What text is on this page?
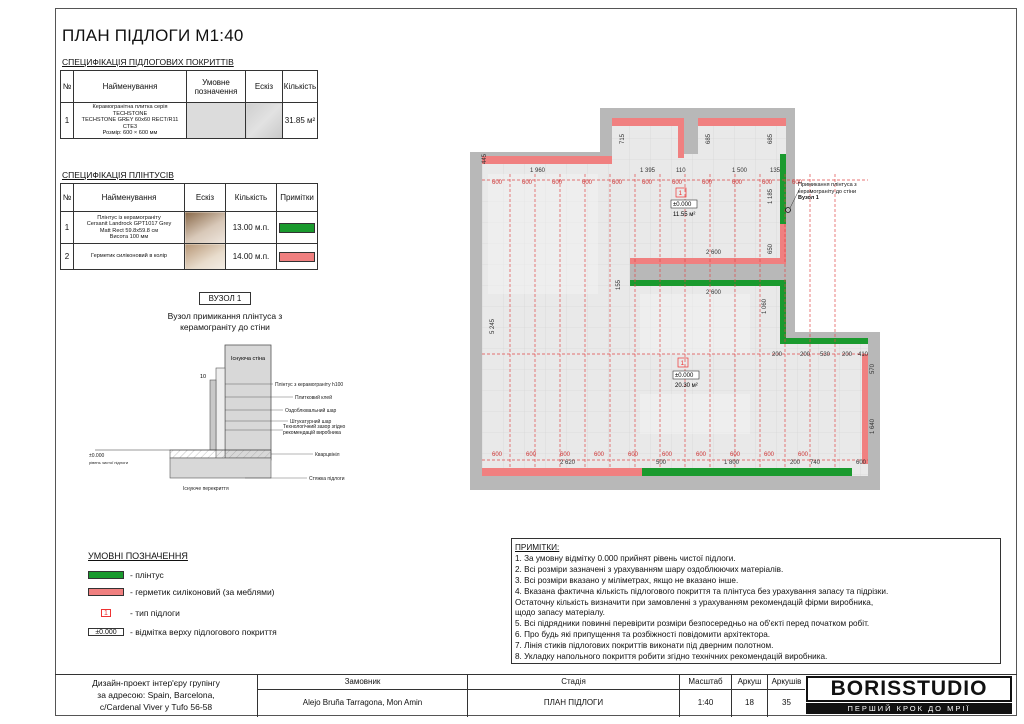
ПЛАН ПІДЛОГИ М1:40
СПЕЦИФІКАЦІЯ ПІДЛОГОВИХ ПОКРИТТІВ
№	Найменування	Умовне позначення	Ескіз	Кількість
1	Керамогранітна плитка серія
TECHSTONE
TECHSTONE GREY 60x60 RECT/R11 CTE3
Розмір: 600 × 600 мм			31.85 м²
СПЕЦИФІКАЦІЯ ПЛІНТУСІВ
№	Найменування	Ескіз	Кількість	Примітки
1	Плінтус із керамограніту
Cersanit Landrock GPT1017 Grey
Matt Rect 59.8x59.8 см
Висота 100 мм		13.00 м.п.	

2	Герметик силіконовий в колір		14.00 м.п.	
ВУЗОЛ 1
Вузол примикання плінтуса з керамограніту до стіни
Існуюча стіна
10
Плінтус з керамограніту h100
Плитковий клей
Оздоблювальний шар
Штукатурний шар
Технологічний зазор згідно рекомендацій виробника
Кварцвініл
Стяжка підлоги
Існуюче перекриття
±0.000
рівень чистої підлоги
УМОВНІ ПОЗНАЧЕННЯ
- плінтус
- герметик силіконовий (за меблями)
1	- тип підлоги
±0.000	- відмітка верху підлогового покриття
1 960	1 395	110	1 500	135
600	600	600	600	600	600	600	600	600	600	600
600	600	600	600	600	600	600	600	600	600
1
±0.000
11.55 м²
1
±0.000
20.30 м²
Примикання плінтуса з керамограніту до стіни
Вузол 1
445
715	685	685
2 600
2 600
1 185
650
155
5 245
1 060
200	200 530 200 410
570
1 640
2 620	500	1 800	200 740	600
ПРИМІТКИ:
1. За умовну відмітку 0.000 прийнят рівень чистої підлоги.
2. Всі розміри зазначені з урахуванням шару оздоблюючих матеріалів.
3. Всі розміри вказано у міліметрах, якщо не вказано інше.
4. Вказана фактична кількість підлогового покриття та плінтуса без урахування запасу та підрізки.
Остаточну кількість визначити при замовленні з урахуванням рекомендацій фірми виробника,
щодо запасу матеріалу.
5. Всі підрядники повинні перевірити розміри безпосередньо на об'єкті перед початком робіт.
6. Про будь які припущення та розбіжності повідомити архітектора.
7. Лінія стиків підлогових покриттів виконати під дверним полотном.
8. Укладку напольного покриття робити згідно технічних рекомендацій виробника.
Дизайн-проект інтер'єру групінгу
за адресою: Spain, Barcelona,
c/Cardenal Viver y Tufo 56-58
Замовник
Alejo Bruña Tarragona, Mon Amin
Стадія
ПЛАН ПІДЛОГИ
Масштаб
1:40
Аркуш
18
Аркушів
35
BORISSTUDIO
ПЕРШИЙ КРОК ДО МРІЇ
